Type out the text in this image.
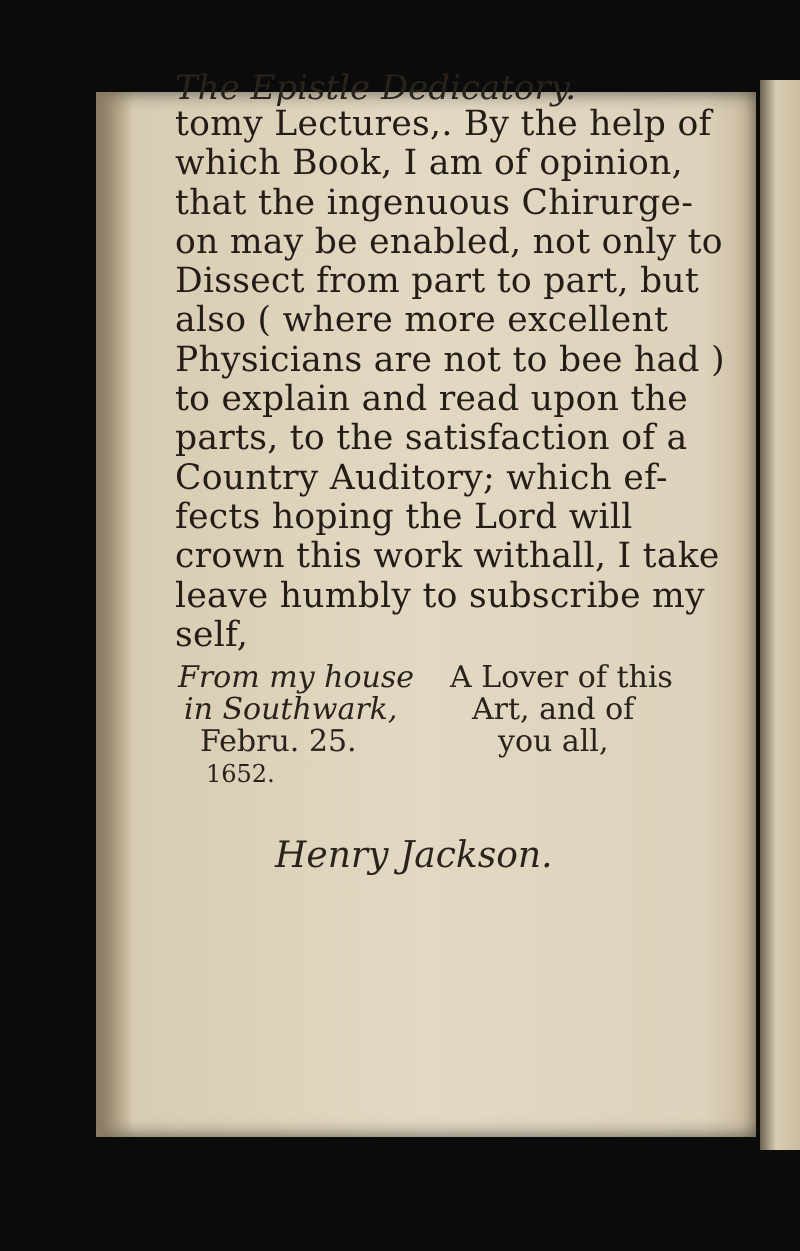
The Epistle Dedicatory.
tomy Lectures,. By the help of
which Book, I am of opinion,
that the ingenuous Chirurge-
on may be enabled, not only to
Dissect from part to part, but
also ( where more excellent
Physicians are not to bee had )
to explain and read upon the
parts, to the satisfaction of a
Country Auditory; which ef-
fects hoping the Lord will
crown this work withall, I take
leave humbly to subscribe my
self,
From my house
in Southwark,
Febru. 25.
1652.
A Lover of this
Art, and of
you all,
Henry Jackson.
